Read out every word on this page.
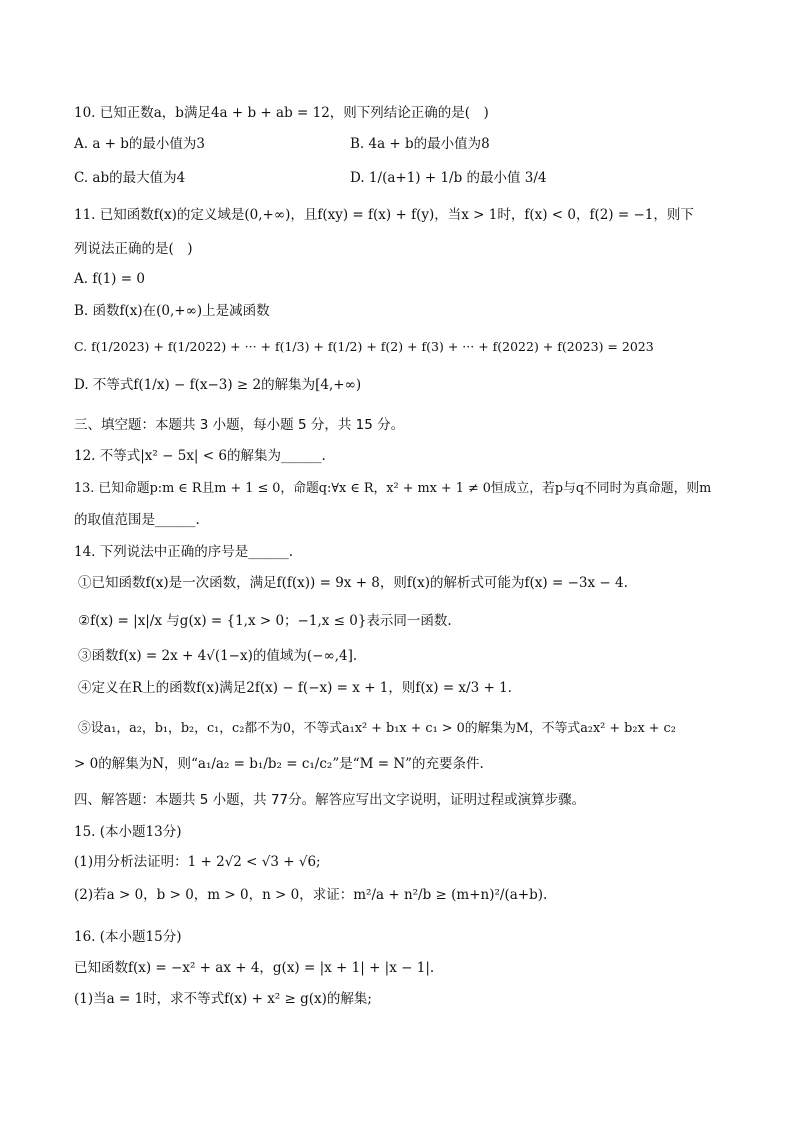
10. 已知正数a，b满足4a + b + ab = 12，则下列结论正确的是(　)
A. a + b的最小值为3	B. 4a + b的最小值为8
C. ab的最大值为4	D. 1/(a+1) + 1/b 的最小值 3/4
11. 已知函数f(x)的定义域是(0,+∞)，且f(xy) = f(x) + f(y)，当x > 1时，f(x) < 0，f(2) = −1，则下
列说法正确的是(　)
A. f(1) = 0
B. 函数f(x)在(0,+∞)上是减函数
C. f(1/2023) + f(1/2022) + ··· + f(1/3) + f(1/2) + f(2) + f(3) + ··· + f(2022) + f(2023) = 2023
D. 不等式f(1/x) − f(x−3) ≥ 2的解集为[4,+∞)
三、填空题：本题共 3 小题，每小题 5 分，共 15 分。
12. 不等式|x² − 5x| < 6的解集为______.
13. 已知命题p:m ∈ R且m + 1 ≤ 0，命题q:∀x ∈ R，x² + mx + 1 ≠ 0恒成立，若p与q不同时为真命题，则m
的取值范围是______.
14. 下列说法中正确的序号是______.
①已知函数f(x)是一次函数，满足f(f(x)) = 9x + 8，则f(x)的解析式可能为f(x) = −3x − 4.
②f(x) = |x|/x 与g(x) = {1,x > 0；−1,x ≤ 0}表示同一函数.
③函数f(x) = 2x + 4√(1−x)的值域为(−∞,4].
④定义在R上的函数f(x)满足2f(x) − f(−x) = x + 1，则f(x) = x/3 + 1.
⑤设a₁，a₂，b₁，b₂，c₁，c₂都不为0，不等式a₁x² + b₁x + c₁ > 0的解集为M，不等式a₂x² + b₂x + c₂
> 0的解集为N，则“a₁/a₂ = b₁/b₂ = c₁/c₂”是“M = N”的充要条件.
四、解答题：本题共 5 小题，共 77分。解答应写出文字说明，证明过程或演算步骤。
15. (本小题13分)
(1)用分析法证明：1 + 2√2 < √3 + √6;
(2)若a > 0，b > 0，m > 0，n > 0，求证：m²/a + n²/b ≥ (m+n)²/(a+b).
16. (本小题15分)
已知函数f(x) = −x² + ax + 4，g(x) = |x + 1| + |x − 1|.
(1)当a = 1时，求不等式f(x) + x² ≥ g(x)的解集;
